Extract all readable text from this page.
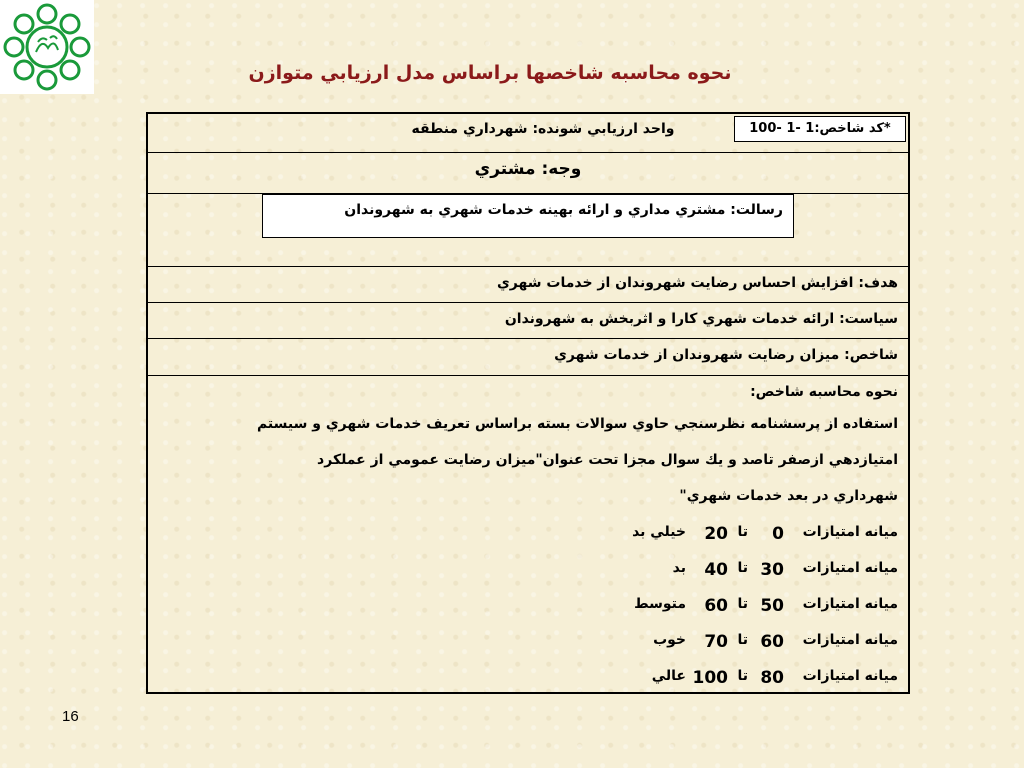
نحوه محاسبه شاخصها براساس مدل ارزيابي متوازن
*كد شاخص:1 -1 -100
واحد ارزيابي شونده: شهرداري منطقه
وجه: مشتري
رسالت: مشتري مداري و ارائه بهينه خدمات شهري به شهروندان
هدف: افزايش احساس رضايت شهروندان از خدمات شهري
سياست: ارائه خدمات شهري كارا و اثربخش به شهروندان
شاخص: ميزان رضايت شهروندان از خدمات شهري
نحوه محاسبه شاخص:
استفاده از پرسشنامه نظرسنجي حاوي سوالات بسته براساس تعريف خدمات شهري و سيستم
امتيازدهي ازصفر تاصد و يك سوال مجزا تحت عنوان"ميزان رضايت عمومي از عملكرد
شهرداري در بعد خدمات شهري"
ميانه امتيازات
0
تا
20
خيلي بد
ميانه امتيازات
30
تا
40
بد
ميانه امتيازات
50
تا
60
متوسط
ميانه امتيازات
60
تا
70
خوب
ميانه امتيازات
80
تا
100
عالي
16
